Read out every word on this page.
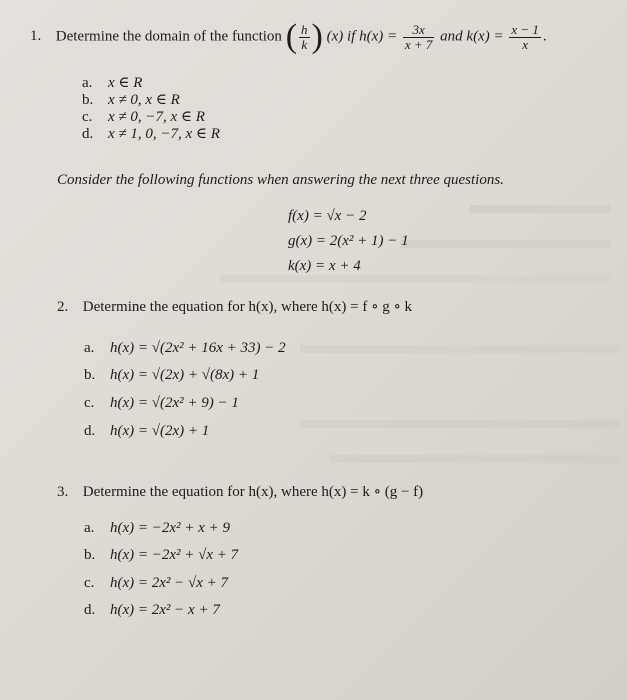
1. Determine the domain of the function ( $\frac{h}{k}$ ) (x) if $h(x) = \frac{3x}{x + 7}$ and $k(x) = \frac{x - 1}{x}$ .
a. x ∈ R
b. x ≠ 0, x ∈ R
c. x ≠ 0, −7, x ∈ R
d. x ≠ 1, 0, −7, x ∈ R
Consider the following functions when answering the next three questions.
f(x) = √x − 2
g(x) = 2(x² + 1) − 1
k(x) = x + 4
2. Determine the equation for h(x), where h(x) = f ∘ g ∘ k
a. h(x) = √(2x² + 16x + 33) − 2
b. h(x) = √(2x) + √(8x) + 1
c. h(x) = √(2x² + 9) − 1
d. h(x) = √(2x) + 1
3. Determine the equation for h(x), where h(x) = k ∘ (g − f)
a. h(x) = −2x² + x + 9
b. h(x) = −2x² + √x + 7
c. h(x) = 2x² − √x + 7
d. h(x) = 2x² − x + 7
